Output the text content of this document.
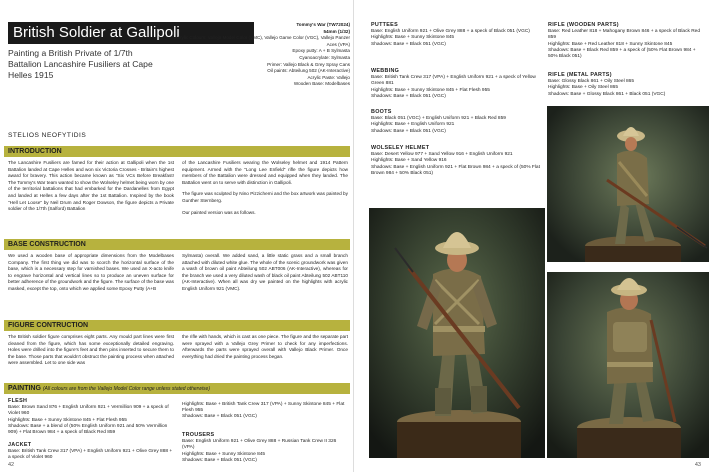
British Soldier at Gallipoli
Painting a British Private of 1/7th Battalion Lancashire Fusiliers at Cape Helles 1915
Tommy's War (TW72024)
54mm (1/32)
Acrylic Colours: Vallejo Model Color (VMC), Vallejo Game Color (VGC), Vallejo Panzer Aces (VPA)
Epoxy putty: A + B Sylmasta
Cyanoacrylate: Sylmasta
Primer: Vallejo Black & Grey Spray Cans
Oil paints: Abteilung 502 (AK-Interactive)
Acrylic Paste: Vallejo
Wooden Base: Modelbases
STELIOS NEOFYTIDIS
INTRODUCTION
The Lancashire Fusiliers are famed for their action at Gallipoli when the 1st Battalion landed at Cape Helles and won six Victoria Crosses - Britain's highest award for bravery. This action became known as "Six VCs Before Breakfast! The Tommy's War team wanted to show the Wolseley helmet being worn by one of the territorial battalions that had embarked for the Dardanelles from Egypt and landed at Helles a few days after the 1st Battalion. Inspired by the book "Hell Let Loose" by Neil Drum and Roger Dowson, the figure depicts a Private soldier of the 1/7th (Salford) Battalion

of the Lancashire Fusiliers wearing the Wolseley helmet and 1914 Pattern equipment. Armed with the "Long Lee Enfield" rifle the figure depicts how members of the Battalion were dressed and equipped when they landed. The Battalion went on to serve with distinction in Gallipoli.

The figure was sculpted by Nino Pizzichemi and the box artwork was painted by Gunther Sternberg.

Our painted version was as follows.

BASE CONSTRUCTION
We used a wooden base of appropriate dimensions from the Modelbases Company. The first thing we did was to scorch the horizontal surface of the base, which is a necessary step for varnished bases. We used an X-acto knife to engrave horizontal and vertical lines so to produce an uneven surface for better adherence of the groundwork and the figure. The surface of the base was masked, except the top, onto which we applied some Epoxy Putty (A+B
Sylmasta) overall. We added sand, a little static grass and a small branch attached with diluted white glue. The whole of the scenic groundwork was given a wash of brown oil paint Abteilung 502 ABT006 (AK-Interactive), whereas for the branch we used a very diluted wash of black oil paint Abteilung 502 ABT110 (AK-Interactive). When all was dry we painted on the highlights with acrylic English Uniform 921 (VMC).
FIGURE CONTRUCTION
The British soldier figure comprises eight parts. Any mould part lines were first cleaned from the figure, which has some exceptionally detailed engraving. Holes were drilled into the figure's feet and then pins inserted to secure them to the base. Those parts that wouldn't obstruct the painting process when attached were assembled. Let to one side was
the rifle with hands, which is cast as one piece. The figure and the separate part were sprayed with a Vallejo Grey Primer to check for any imperfections. Afterwards the parts were sprayed overall with Vallejo Black Primer. Once everything had dried the painting process began.
PAINTING (All colours are from the Vallejo Model Color range unless stated otherwise)
FLESH
Base: Brown Sand 876 + English Uniform 921 + Vermillion 909 + a speck of Violet 960
Highlights: Base + Sunny Skintone 845 + Flat Flesh 955
Shadows: Base + a blend of (50% English Uniform 921 and 50% Vermillion 909) + Flat Brown 984 + a speck of Black Red 859
JACKET
Base: British Tank Crew 317 (VPA) + English Uniform 921 + Olive Grey 888 + a speck of Violet 960
Highlights: Base + British Tank Crew 317 (VPA) + Sunny Skintone 845 + Flat Flesh 955
Shadows: Base + Black 051 (VGC)
TROUSERS
Base: English Uniform 921 + Olive Grey 888 + Russian Tank Crew II 326 (VPA)
Highlights: Base + Sunny Skintone 845
Shadows: Base + Black 051 (VGC)
42
PUTTEES
Base: English Uniform 921 + Olive Grey 888 + a speck of Black 051 (VGC)
Highlights: Base + Sunny Skintone 845
Shadows: Base + Black 051 (VGC)
WEBBING
Base: British Tank Crew 317 (VPA) + English Uniform 921 + a speck of Yellow Green 881
Highlights: Base + Sunny Skintone 845 + Flat Flesh 955
Shadows: Base + Black 051 (VGC)
BOOTS
Base: Black 051 (VGC) + English Uniform 921 + Black Red 859
Highlights: Base + English Uniform 921
Shadows: Base + Black 051 (VGC)
WOLSELEY HELMET
Base: Desert Yellow 977 + Sand Yellow 916 + English Uniform 921
Highlights: Base + Sand Yellow 916
Shadows: Base + English Uniform 921 + Flat Brown 984 + a speck of (50% Flat Brown 984 + 50% Black 051)
RIFLE (WOODEN PARTS)
Base: Red Leather 818 + Mahogany Brown 846 + a speck of Black Red 859
Highlights: Base + Red Leather 818 + Sunny Skintone 845
Shadows: Base + Black Red 859 + a speck of (50% Flat Brown 984 + 50% Black 051)
RIFLE (METAL PARTS)
Base: Glossy Black 861 + Oily Steel 865
Highlights: Base + Oily Steel 865
Shadows: Base + Glossy Black 861 + Black 051 (VGC)
43
